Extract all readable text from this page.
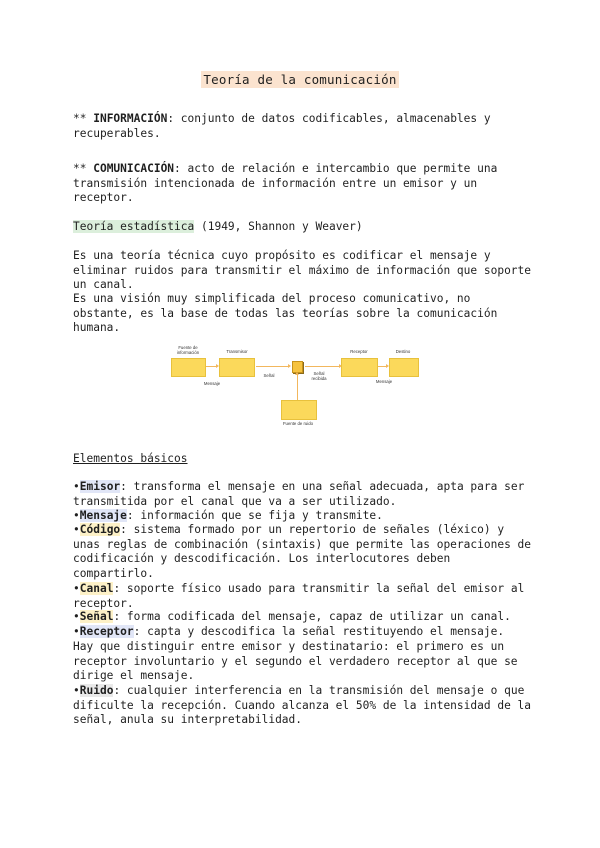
Teoría de la comunicación

** INFORMACIÓN: conjunto de datos codificables, almacenables y recuperables.

** COMUNICACIÓN: acto de relación e intercambio que permite una transmisión intencionada de información entre un emisor y un receptor.

Teoría estadística (1949, Shannon y Weaver)

Es una teoría técnica cuyo propósito es codificar el mensaje y eliminar ruidos para transmitir el máximo de información que soporte un canal.

Es una visión muy simplificada del proceso comunicativo, no obstante, es la base de todas las teorías sobre la comunicación humana.

Fuente de
información	Transmisor
Mensaje
Señal	Señal
recibida
Receptor	Destino
Mensaje
Fuente de ruido

Elementos básicos

•Emisor: transforma el mensaje en una señal adecuada, apta para ser transmitida por el canal que va a ser utilizado.

•Mensaje: información que se fija y transmite.

•Código: sistema formado por un repertorio de señales (léxico) y unas reglas de combinación (sintaxis) que permite las operaciones de codificación y descodificación. Los interlocutores deben compartirlo.

•Canal: soporte físico usado para transmitir la señal del emisor al receptor.

•Señal: forma codificada del mensaje, capaz de utilizar un canal.

•Receptor: capta y descodifica la señal restituyendo el mensaje.

Hay que distinguir entre emisor y destinatario: el primero es un receptor involuntario y el segundo el verdadero receptor al que se dirige el mensaje.

•Ruido: cualquier interferencia en la transmisión del mensaje o que dificulte la recepción. Cuando alcanza el 50% de la intensidad de la señal, anula su interpretabilidad.
